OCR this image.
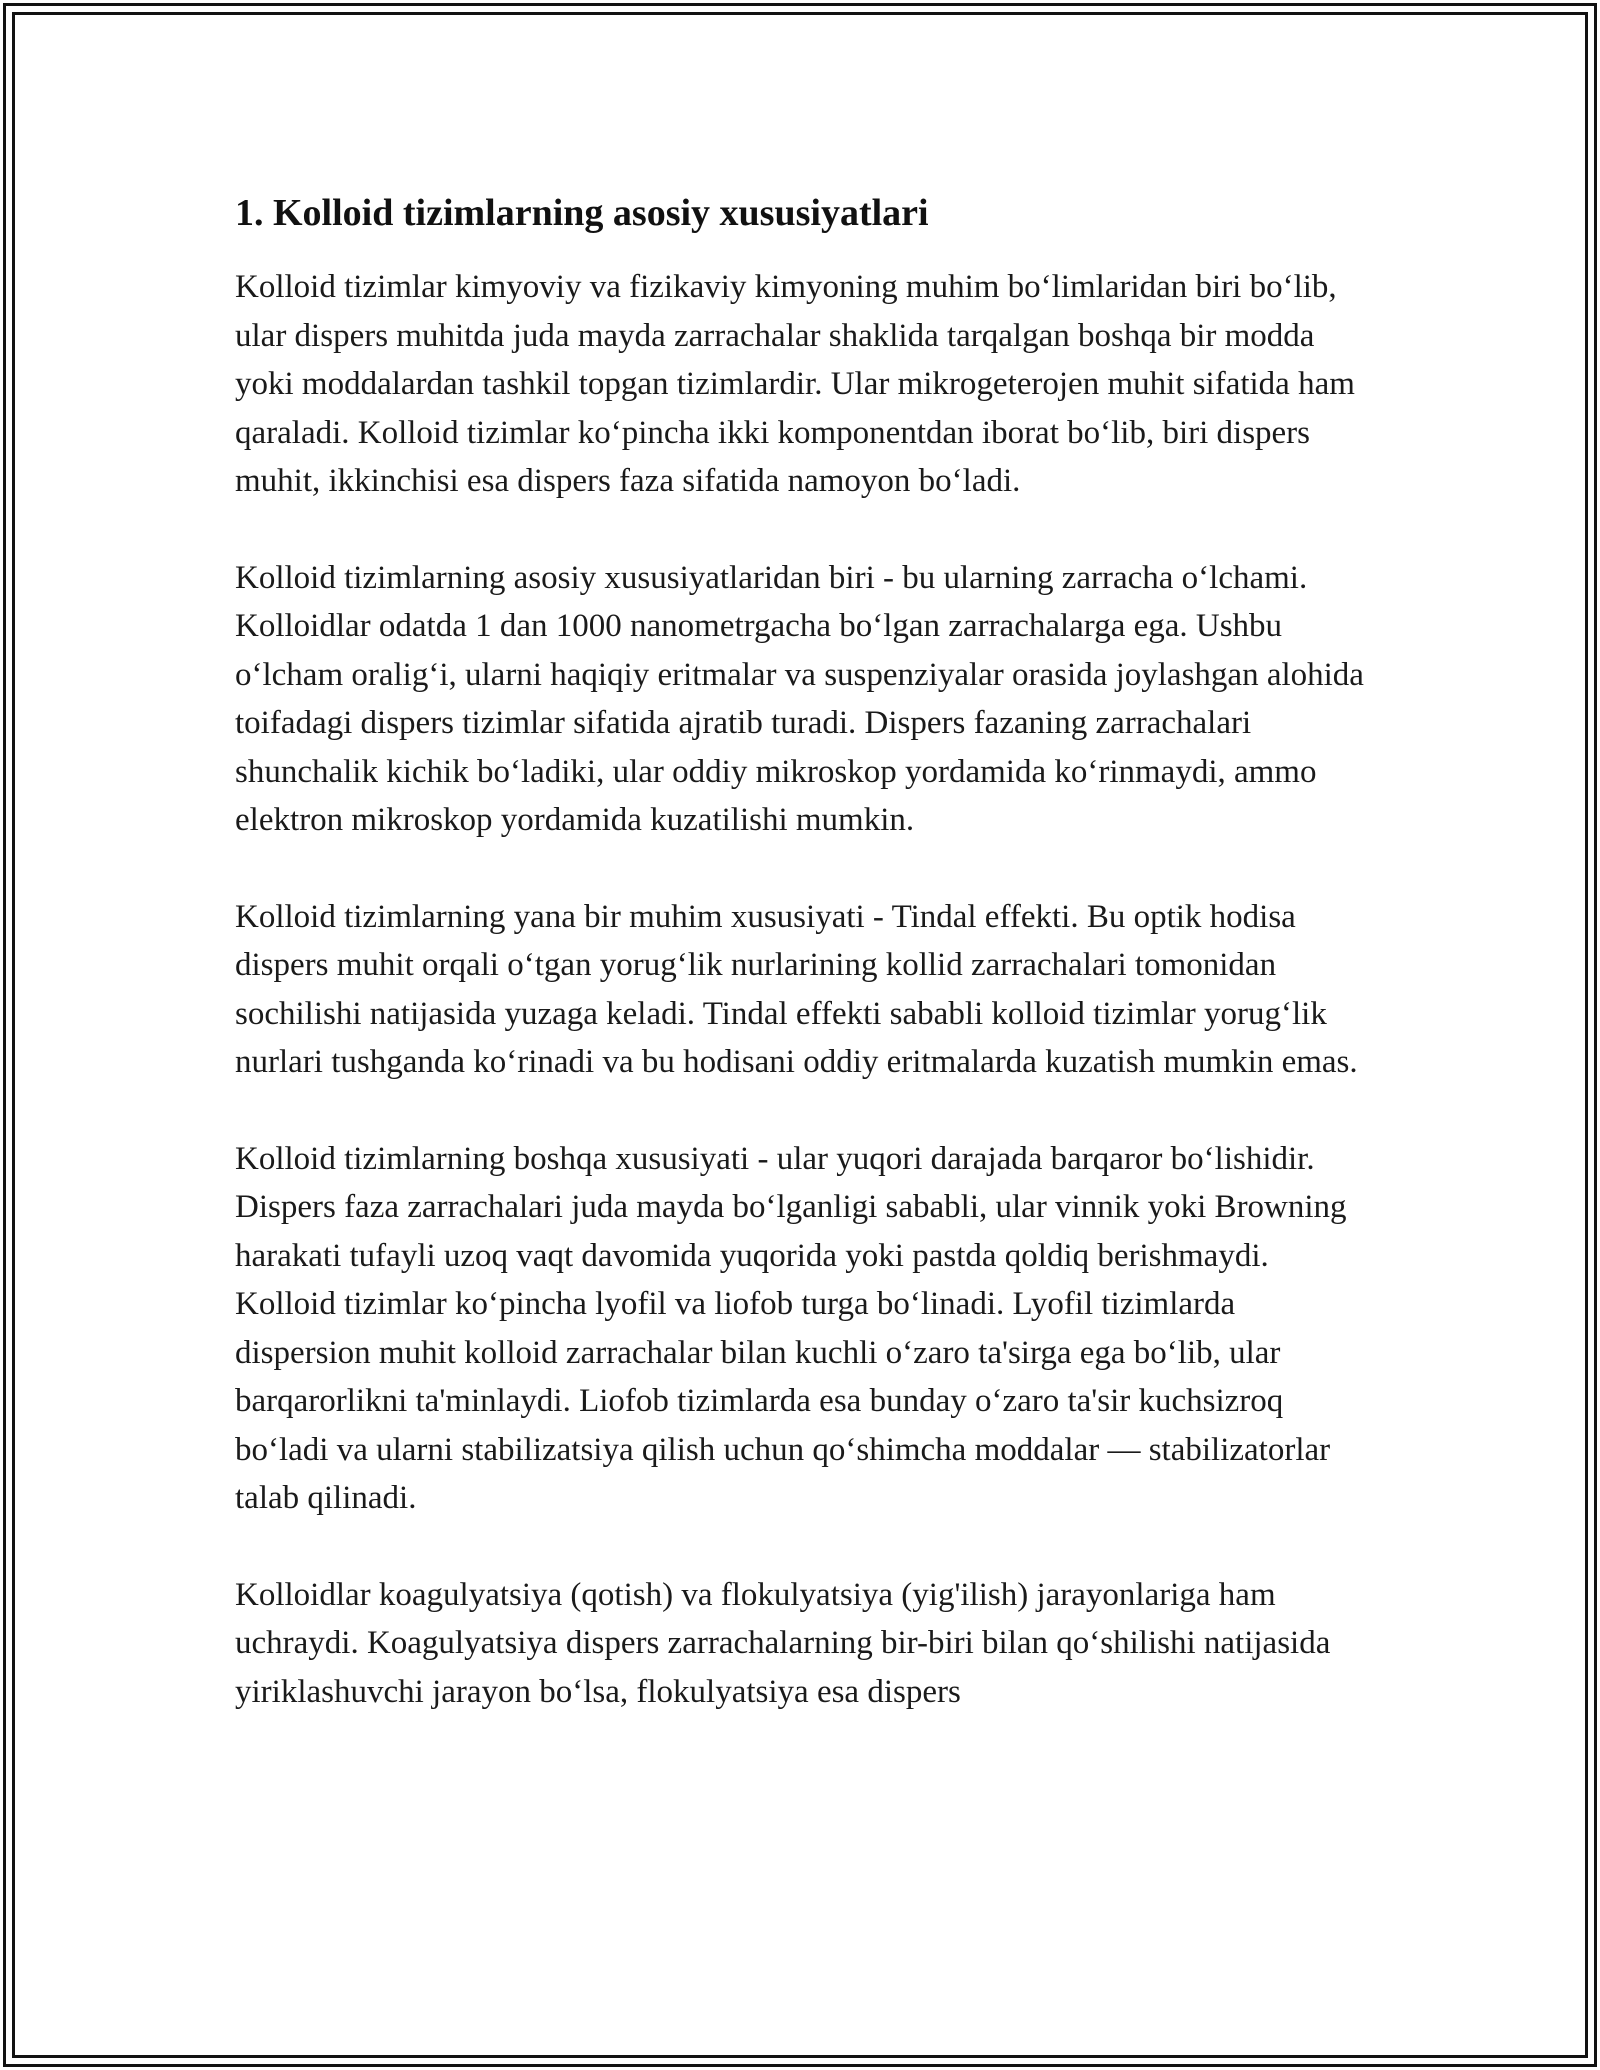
1. Kolloid tizimlarning asosiy xususiyatlari

Kolloid tizimlar kimyoviy va fizikaviy kimyoning muhim bo‘limlaridan biri bo‘lib, ular dispers muhitda juda mayda zarrachalar shaklida tarqalgan boshqa bir modda yoki moddalardan tashkil topgan tizimlardir. Ular mikrogeterojen muhit sifatida ham qaraladi. Kolloid tizimlar ko‘pincha ikki komponentdan iborat bo‘lib, biri dispers muhit, ikkinchisi esa dispers faza sifatida namoyon bo‘ladi.

Kolloid tizimlarning asosiy xususiyatlaridan biri - bu ularning zarracha o‘lchami. Kolloidlar odatda 1 dan 1000 nanometrgacha bo‘lgan zarrachalarga ega. Ushbu o‘lcham oralig‘i, ularni haqiqiy eritmalar va suspenziyalar orasida joylashgan alohida toifadagi dispers tizimlar sifatida ajratib turadi. Dispers fazaning zarrachalari shunchalik kichik bo‘ladiki, ular oddiy mikroskop yordamida ko‘rinmaydi, ammo elektron mikroskop yordamida kuzatilishi mumkin.

Kolloid tizimlarning yana bir muhim xususiyati - Tindal effekti. Bu optik hodisa dispers muhit orqali o‘tgan yorug‘lik nurlarining kollid zarrachalari tomonidan sochilishi natijasida yuzaga keladi. Tindal effekti sababli kolloid tizimlar yorug‘lik nurlari tushganda ko‘rinadi va bu hodisani oddiy eritmalarda kuzatish mumkin emas.

Kolloid tizimlarning boshqa xususiyati - ular yuqori darajada barqaror bo‘lishidir. Dispers faza zarrachalari juda mayda bo‘lganligi sababli, ular vinnik yoki Browning harakati tufayli uzoq vaqt davomida yuqorida yoki pastda qoldiq berishmaydi. Kolloid tizimlar ko‘pincha lyofil va liofob turga bo‘linadi. Lyofil tizimlarda dispersion muhit kolloid zarrachalar bilan kuchli o‘zaro ta'sirga ega bo‘lib, ular barqarorlikni ta'minlaydi. Liofob tizimlarda esa bunday o‘zaro ta'sir kuchsizroq bo‘ladi va ularni stabilizatsiya qilish uchun qo‘shimcha moddalar — stabilizatorlar talab qilinadi.

Kolloidlar koagulyatsiya (qotish) va flokulyatsiya (yig'ilish) jarayonlariga ham uchraydi. Koagulyatsiya dispers zarrachalarning bir-biri bilan qo‘shilishi natijasida yiriklashuvchi jarayon bo‘lsa, flokulyatsiya esa dispers
